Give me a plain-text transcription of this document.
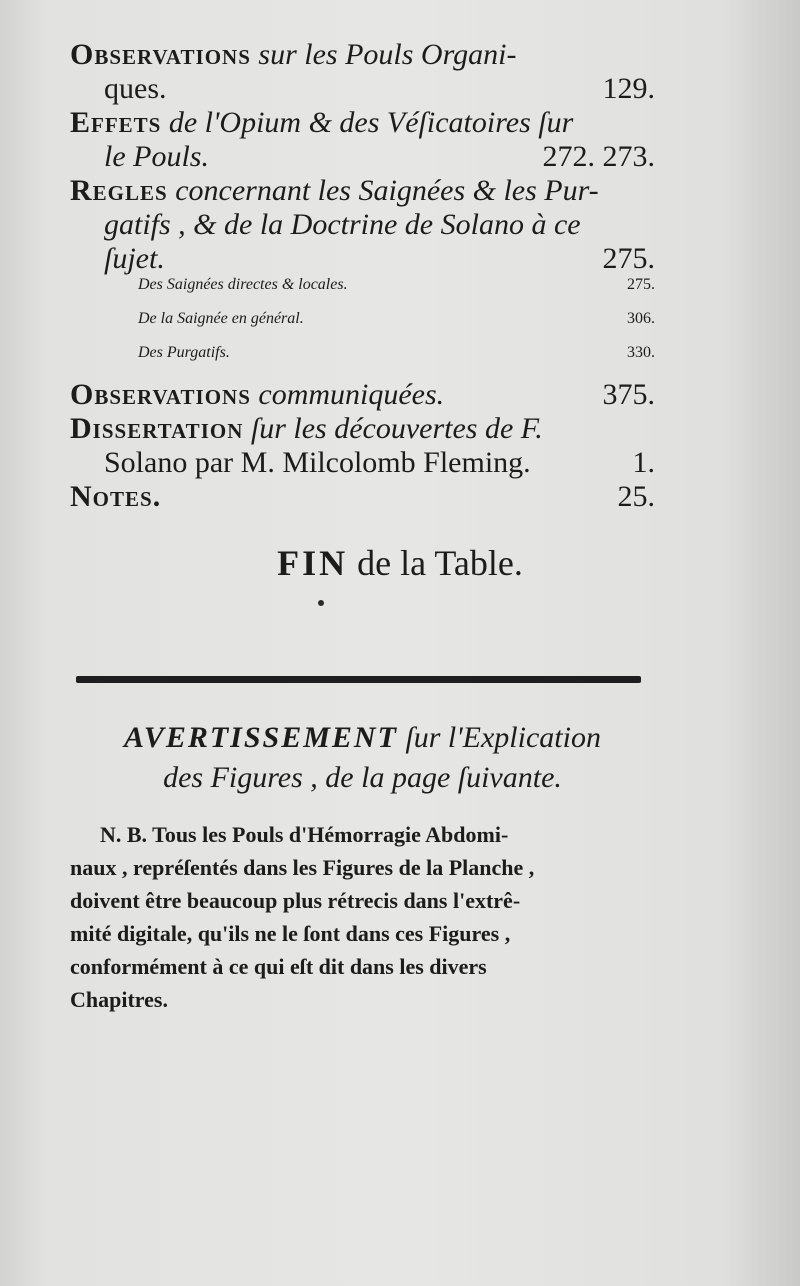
Observations sur les Pouls Organi-
ques.	129.
Effets de l'Opium & des Véſicatoires ſur
le Pouls.	272. 273.
Regles concernant les Saignées & les Pur-
gatifs , & de la Doctrine de Solano à ce
ſujet.	275.
Des Saignées directes & locales.	275.
De la Saignée en général.	306.
Des Purgatifs.	330.
Observations communiquées.	375.
Dissertation ſur les découvertes de F.
Solano par M. Milcolomb Fleming.	1.
Notes.	25.
FIN de la Table.
AVERTISSEMENT ſur l'Explication
des Figures , de la page ſuivante.
N. B. Tous les Pouls d'Hémorragie Abdomi-
naux , repréſentés dans les Figures de la Planche ,
doivent être beaucoup plus rétrecis dans l'extrê-
mité digitale, qu'ils ne le ſont dans ces Figures ,
conformément à ce qui eſt dit dans les divers
Chapitres.
